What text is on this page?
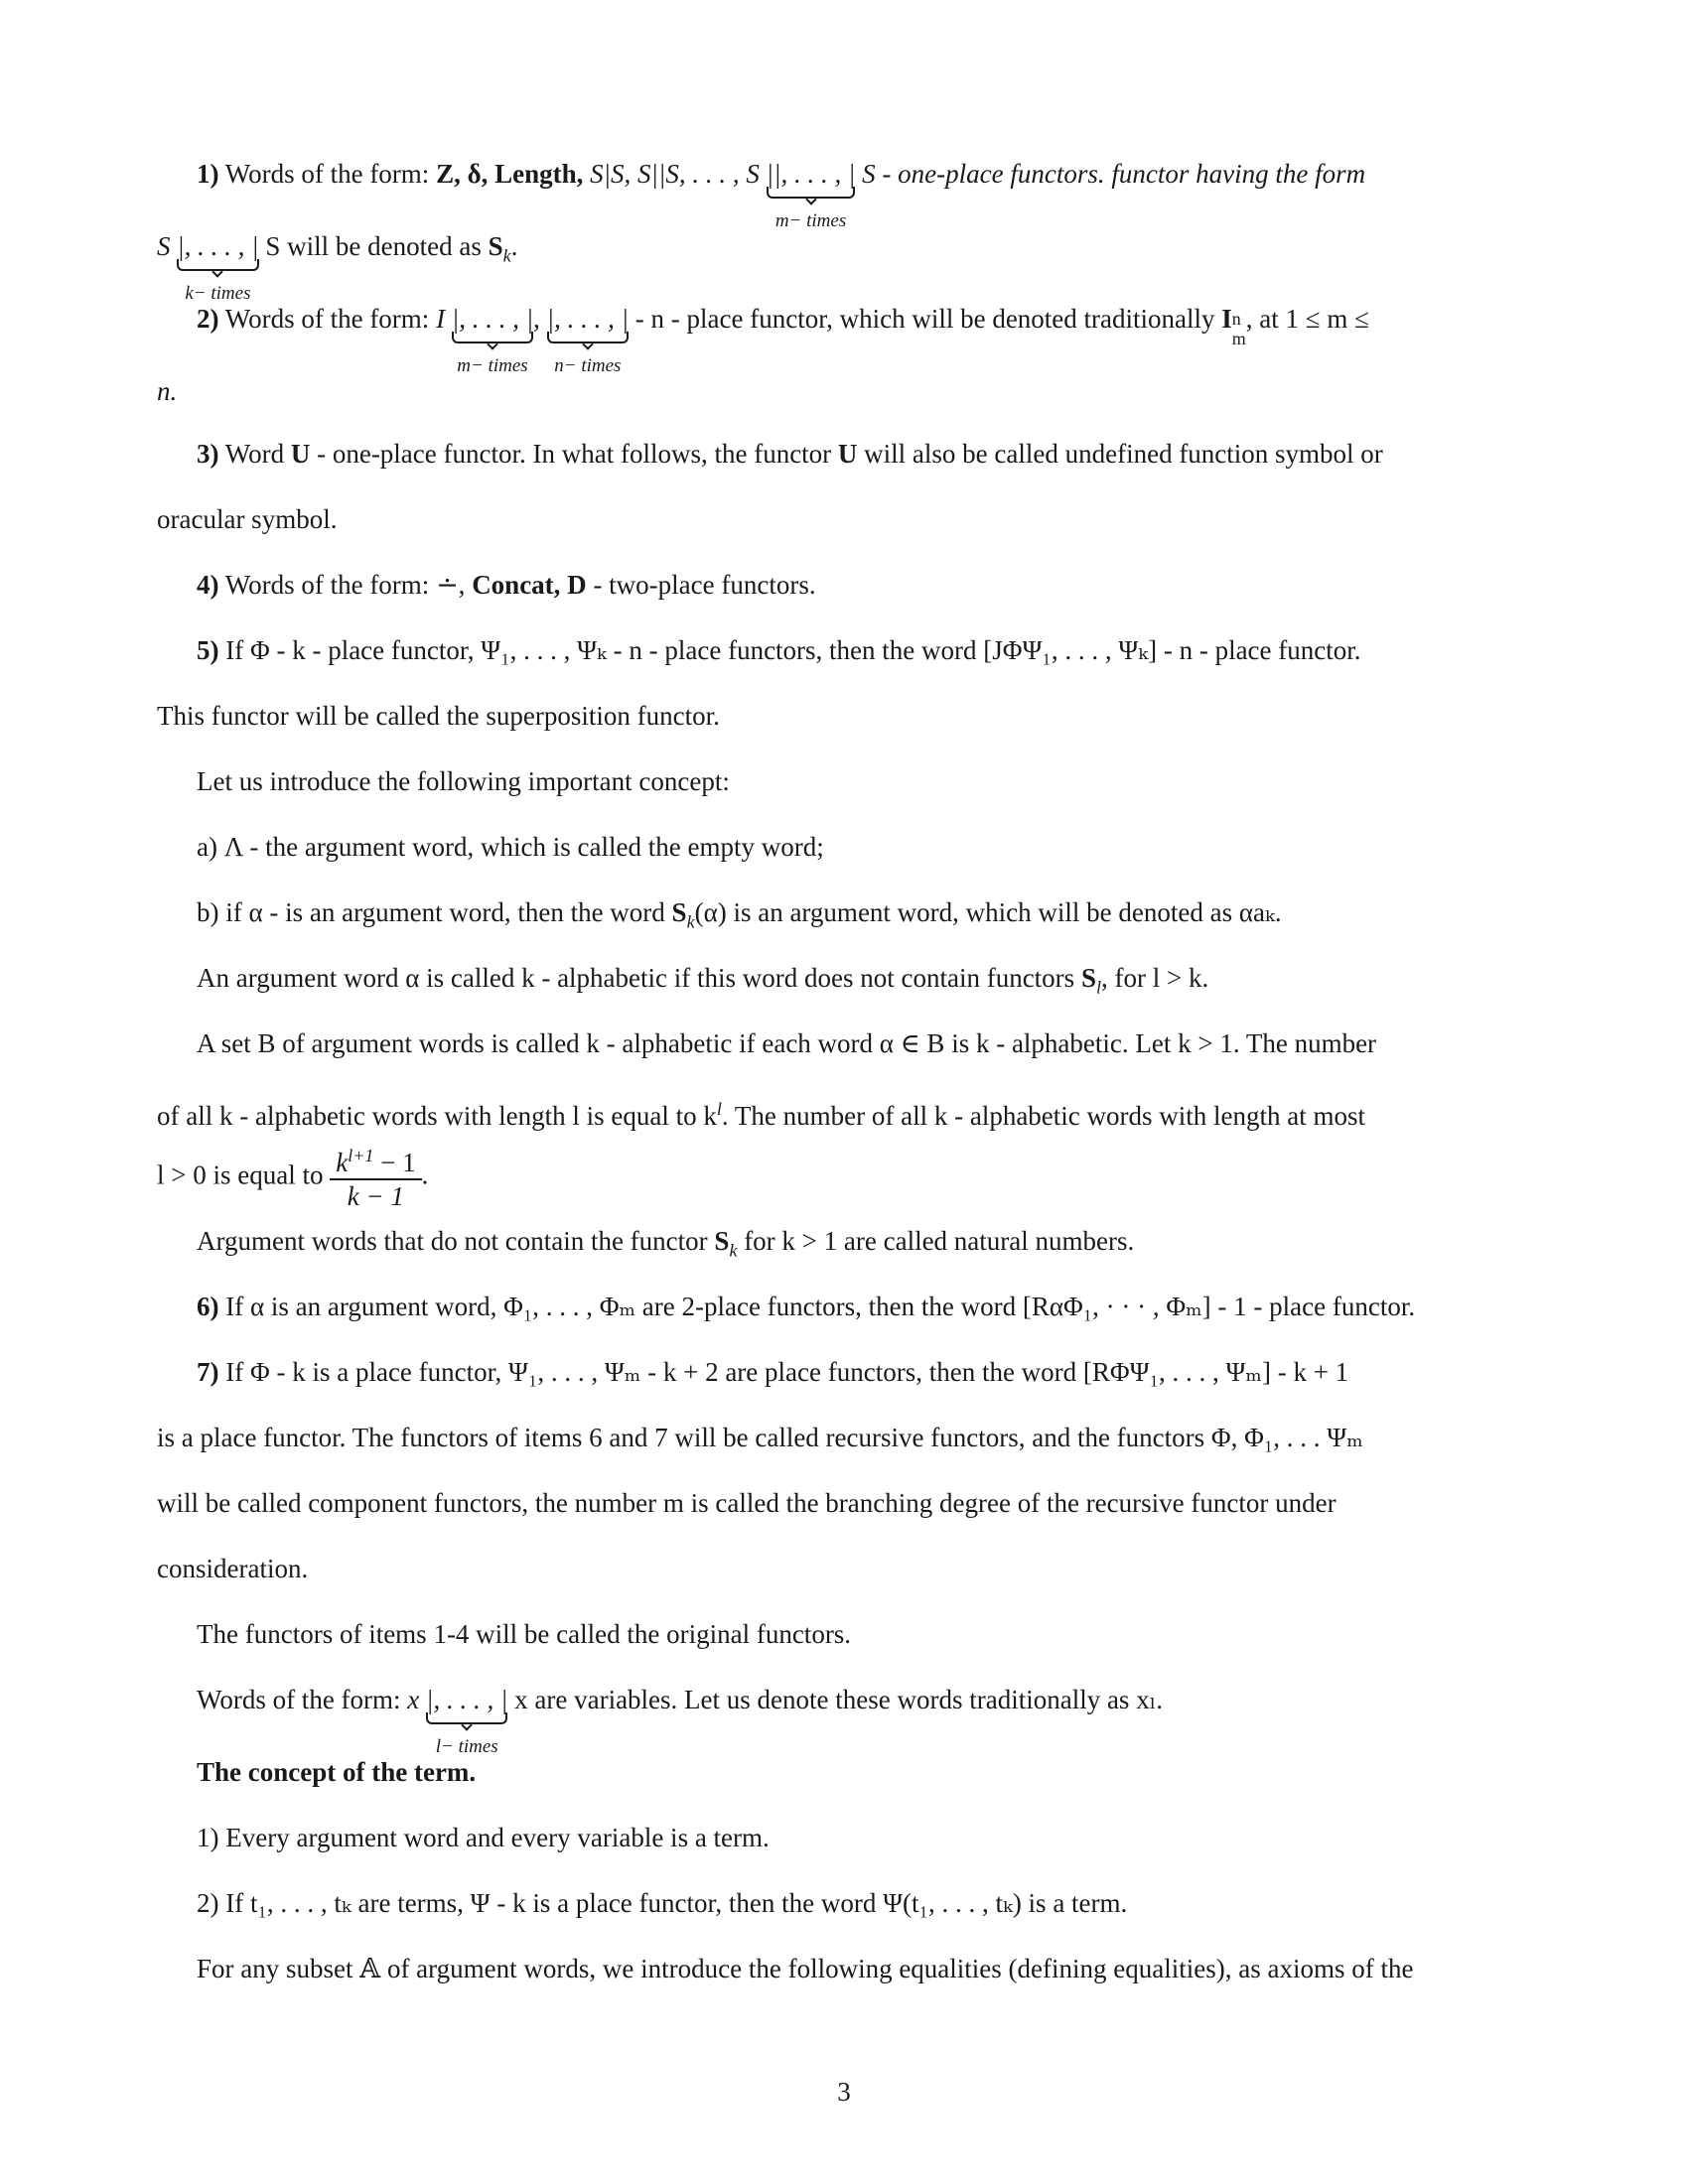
1) Words of the form: Z, δ, Length, S|S, S||S, . . . , S ||, . . . , |
m− times
S - one-place functors. functor having the form
S |, . . . , |
k− times
S will be denoted as $S_k$.
2) Words of the form: I |, . . . , |
m− times
, |, . . . , |
n− times
- n - place functor, which will be denoted traditionally I n
m
, at 1 ≤ m ≤
n.
3) Word U - one-place functor. In what follows, the functor U will also be called undefined function symbol or
oracular symbol.
4) Words of the form: ∸, Concat, D - two-place functors.
5) If Φ - k - place functor, Ψ₁, . . . , Ψₖ - n - place functors, then the word [JΦΨ₁, . . . , Ψₖ] - n - place functor.
This functor will be called the superposition functor.
Let us introduce the following important concept:
a) Λ - the argument word, which is called the empty word;
b) if α - is an argument word, then the word $S_k(\alpha)$ is an argument word, which will be denoted as αaₖ.
An argument word α is called k - alphabetic if this word does not contain functors $S_l$, for l > k.
A set B of argument words is called k - alphabetic if each word α ∈ B is k - alphabetic. Let k > 1. The number
of all k - alphabetic words with length l is equal to $k^l$. The number of all k - alphabetic words with length at most
l > 0 is equal to $\frac{k^{l+1} - 1}{k - 1}$ .
Argument words that do not contain the functor $S_k$ for k > 1 are called natural numbers.
6) If α is an argument word, Φ₁, . . . , Φₘ are 2-place functors, then the word [RαΦ₁, · · · , Φₘ] - 1 - place functor.
7) If Φ - k is a place functor, Ψ₁, . . . , Ψₘ - k + 2 are place functors, then the word [RΦΨ₁, . . . , Ψₘ] - k + 1
is a place functor. The functors of items 6 and 7 will be called recursive functors, and the functors Φ, Φ₁, . . . Ψₘ
will be called component functors, the number m is called the branching degree of the recursive functor under
consideration.
The functors of items 1-4 will be called the original functors.
Words of the form: x |, . . . , |
l− times
x are variables. Let us denote these words traditionally as xₗ.
The concept of the term.
1) Every argument word and every variable is a term.
2) If t₁, . . . , tₖ are terms, Ψ - k is a place functor, then the word Ψ(t₁, . . . , tₖ) is a term.
For any subset 𝔸 of argument words, we introduce the following equalities (defining equalities), as axioms of the
3
